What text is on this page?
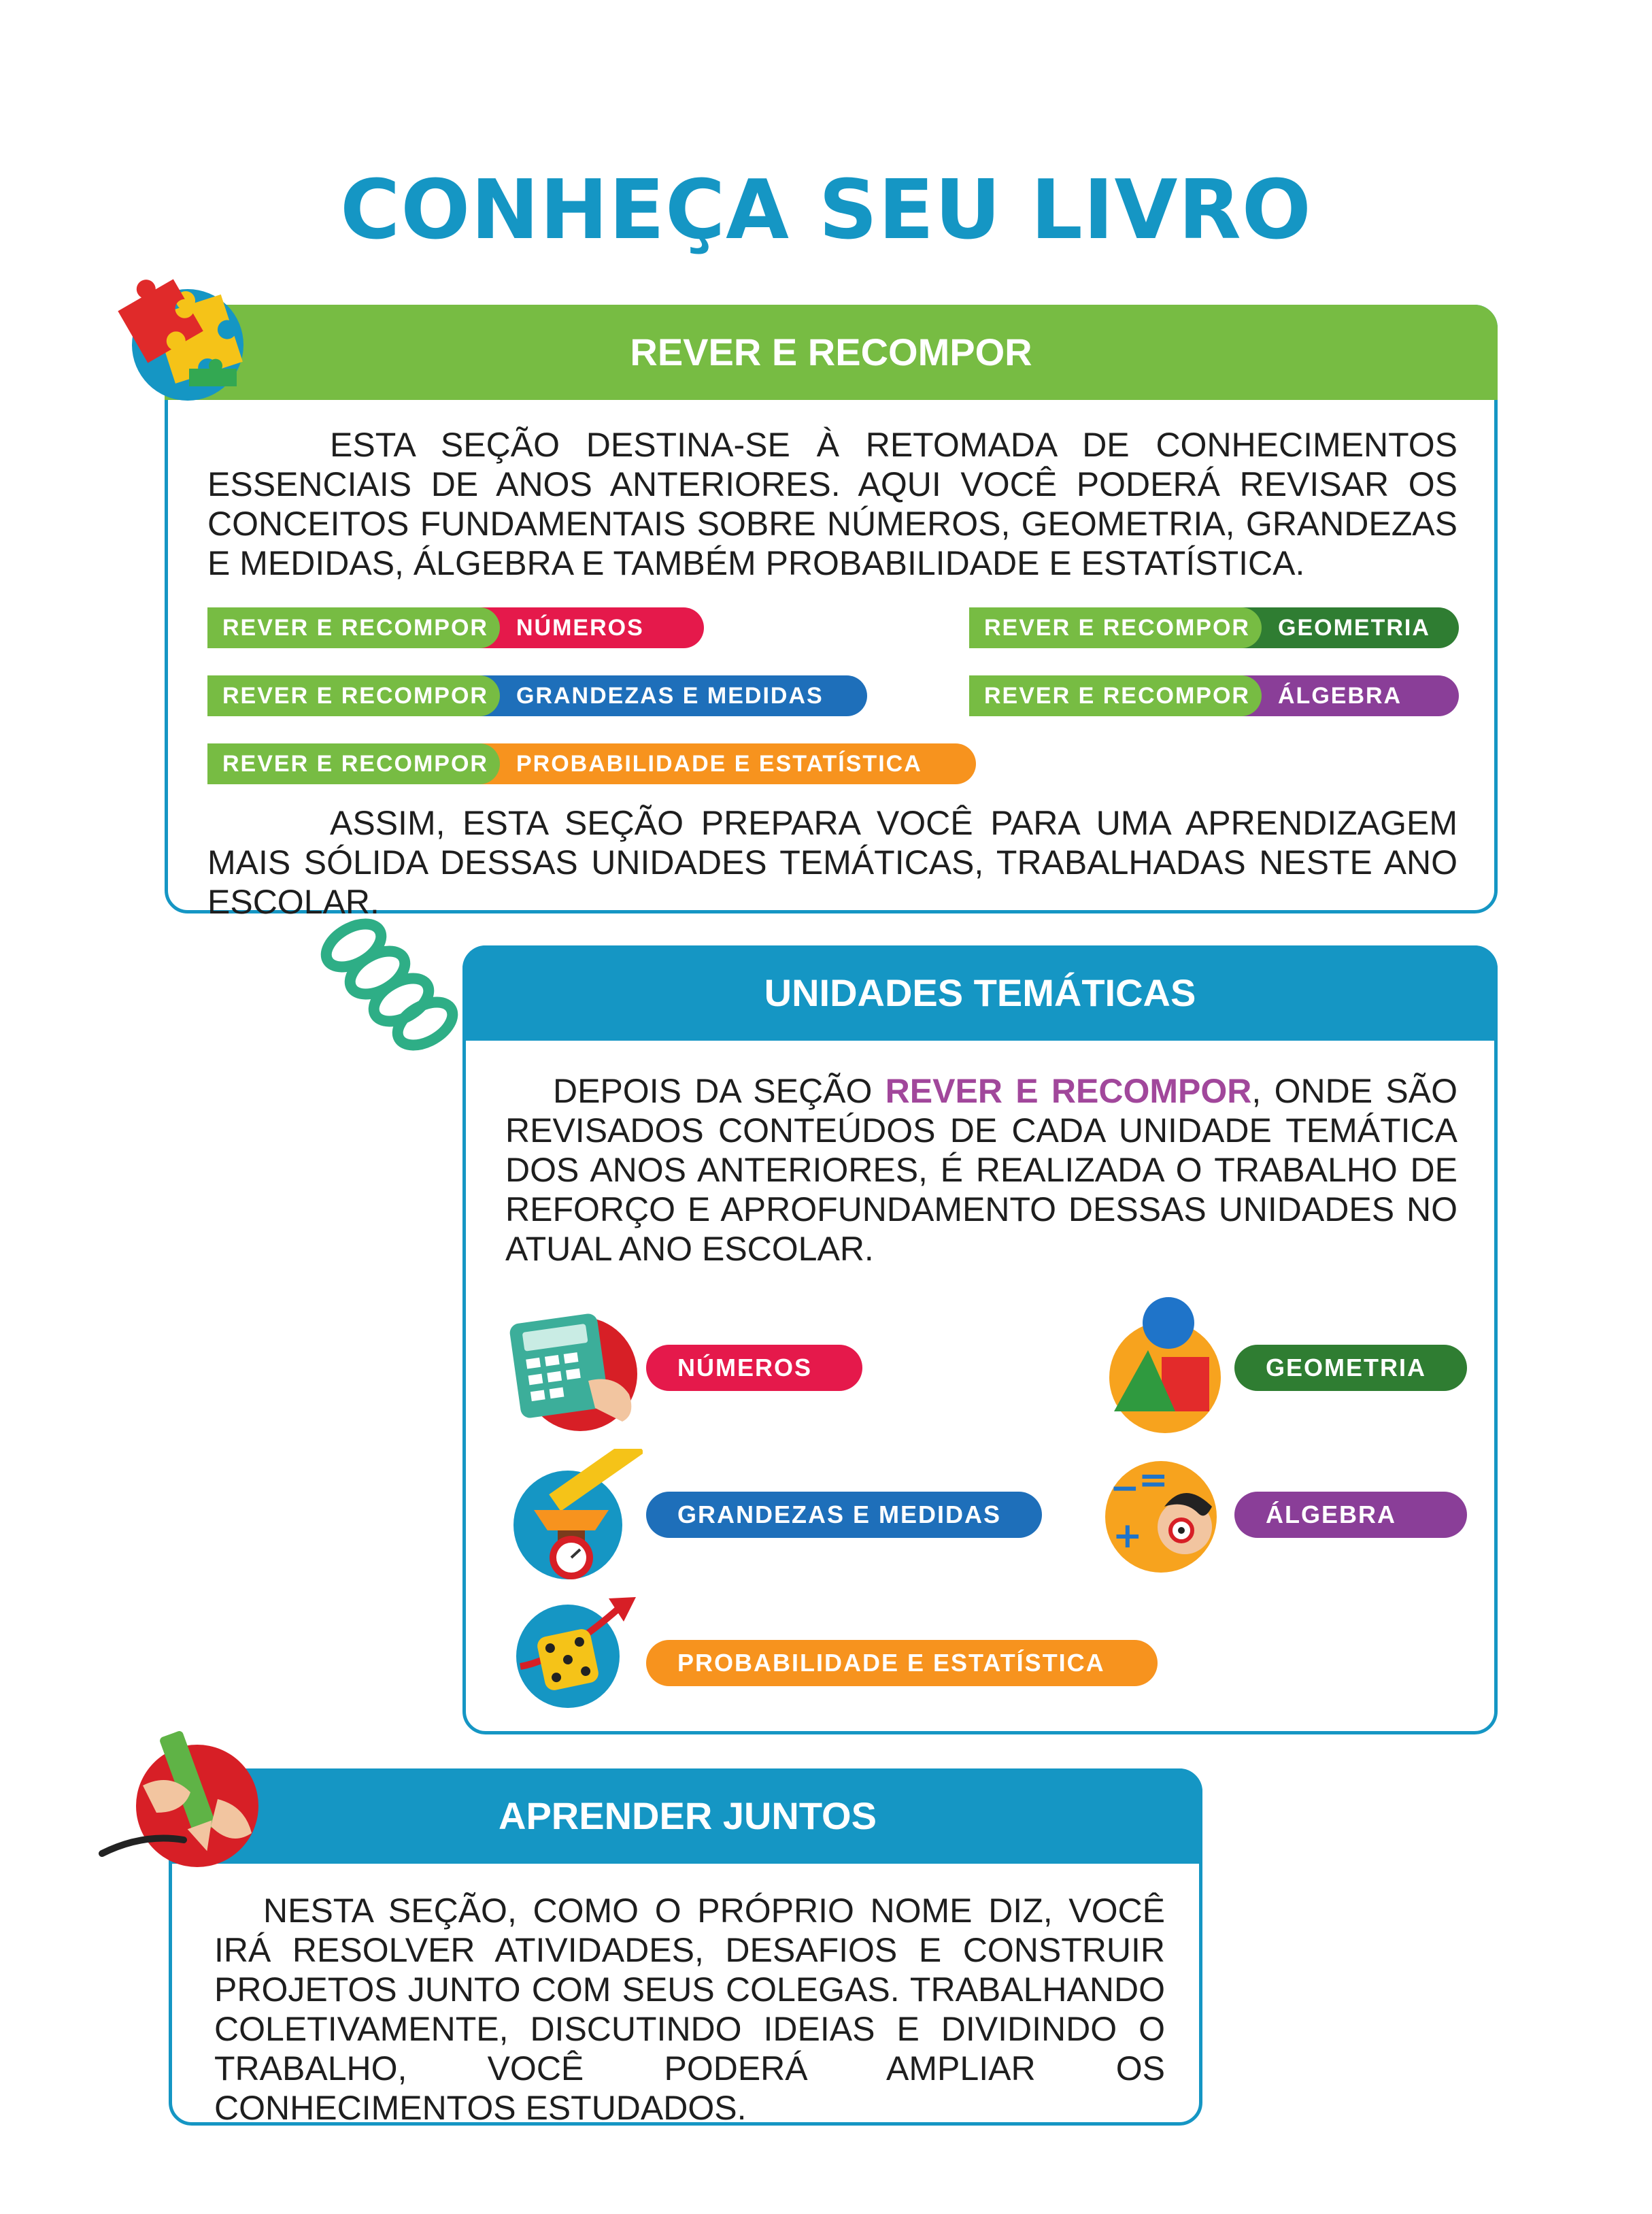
CONHEÇA SEU LIVRO
REVER E RECOMPOR
ESTA SEÇÃO DESTINA-SE À RETOMADA DE CONHECIMENTOS ESSENCIAIS DE ANOS ANTERIORES. AQUI VOCÊ PODERÁ REVISAR OS CONCEITOS FUNDAMENTAIS SOBRE NÚMEROS, GEOMETRIA, GRANDEZAS E MEDIDAS, ÁLGEBRA E TAMBÉM PROBABILIDADE E ESTATÍSTICA.
REVER E RECOMPOR	NÚMEROS	REVER E RECOMPOR	GEOMETRIA
REVER E RECOMPOR	GRANDEZAS E MEDIDAS	REVER E RECOMPOR	ÁLGEBRA
REVER E RECOMPOR	PROBABILIDADE E ESTATÍSTICA
ASSIM, ESTA SEÇÃO PREPARA VOCÊ PARA UMA APRENDIZAGEM MAIS SÓLIDA DESSAS UNIDADES TEMÁTICAS, TRABALHADAS NESTE ANO ESCOLAR.
UNIDADES TEMÁTICAS
DEPOIS DA SEÇÃO REVER E RECOMPOR, ONDE SÃO REVISADOS CONTEÚDOS DE CADA UNIDADE TEMÁTICA DOS ANOS ANTERIORES, É REALIZADA O TRABALHO DE REFORÇO E APROFUNDAMENTO DESSAS UNIDADES NO ATUAL ANO ESCOLAR.
NÚMEROS	GEOMETRIA
GRANDEZAS E MEDIDAS	ÁLGEBRA
PROBABILIDADE E ESTATÍSTICA
−
=
+
APRENDER JUNTOS
NESTA SEÇÃO, COMO O PRÓPRIO NOME DIZ, VOCÊ IRÁ RESOLVER ATIVIDADES, DESAFIOS E CONSTRUIR PROJETOS JUNTO COM SEUS COLEGAS. TRABALHANDO COLETIVAMENTE, DISCUTINDO IDEIAS E DIVIDINDO O TRABALHO, VOCÊ PODERÁ AMPLIAR OS CONHECIMENTOS ESTUDADOS.
